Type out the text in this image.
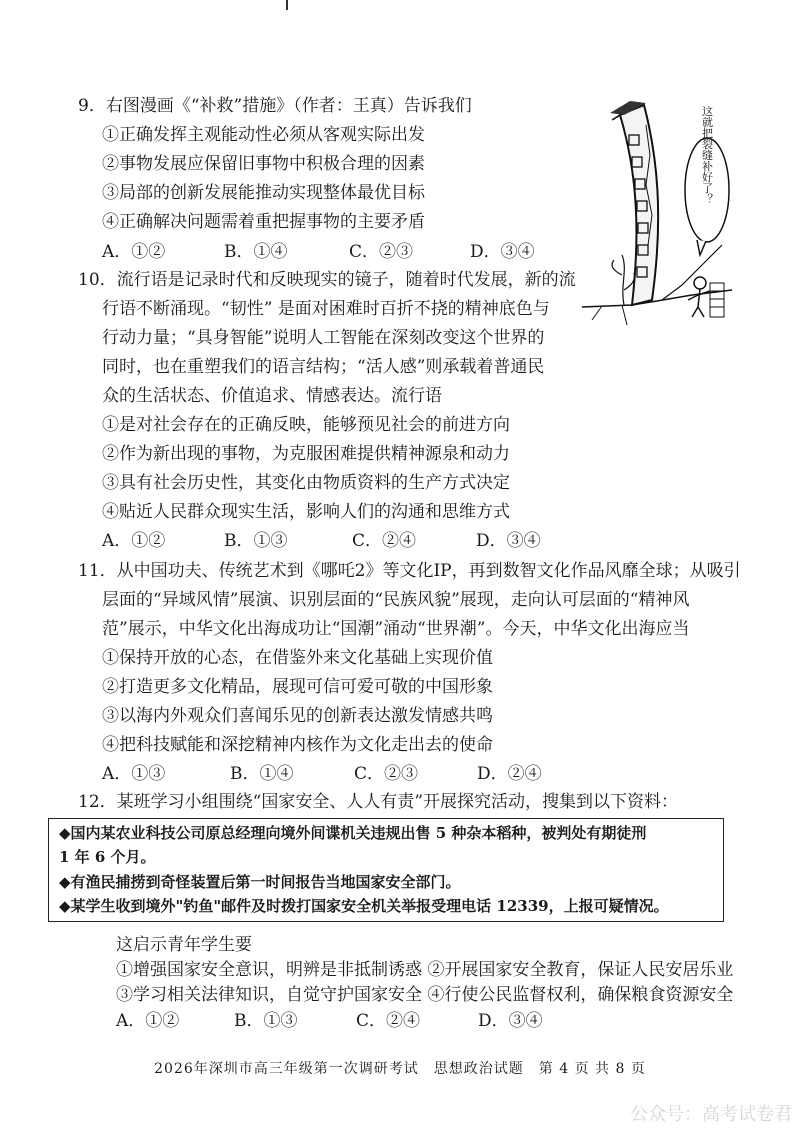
9．右图漫画《“补救”措施》（作者：王真）告诉我们
①正确发挥主观能动性必须从客观实际出发
②事物发展应保留旧事物中积极合理的因素
③局部的创新发展能推动实现整体最优目标
④正确解决问题需着重把握事物的主要矛盾
A．①②	B．①④	C．②③	D．③④
这就把裂缝补好了？
10．流行语是记录时代和反映现实的镜子，随着时代发展，新的流
行语不断涌现。“韧性” 是面对困难时百折不挠的精神底色与
行动力量；“具身智能”说明人工智能在深刻改变这个世界的
同时，也在重塑我们的语言结构；“活人感”则承载着普通民
众的生活状态、价值追求、情感表达。流行语
①是对社会存在的正确反映，能够预见社会的前进方向
②作为新出现的事物，为克服困难提供精神源泉和动力
③具有社会历史性，其变化由物质资料的生产方式决定
④贴近人民群众现实生活，影响人们的沟通和思维方式
A．①②	B．①③	C．②④	D．③④
11．从中国功夫、传统艺术到《哪吒2》等文化IP，再到数智文化作品风靡全球；从吸引
层面的“异域风情”展演、识别层面的“民族风貌”展现，走向认可层面的“精神风
范”展示，中华文化出海成功让“国潮”涌动“世界潮”。今天，中华文化出海应当
①保持开放的心态，在借鉴外来文化基础上实现价值
②打造更多文化精品，展现可信可爱可敬的中国形象
③以海内外观众们喜闻乐见的创新表达激发情感共鸣
④把科技赋能和深挖精神内核作为文化走出去的使命
A．①③	B．①④	C．②③	D．②④
12．某班学习小组围绕“国家安全、人人有责”开展探究活动，搜集到以下资料：
◆国内某农业科技公司原总经理向境外间谍机关违规出售 5 种杂本稻种，被判处有期徒刑
1 年 6 个月。
◆有渔民捕捞到奇怪装置后第一时间报告当地国家安全部门。
◆某学生收到境外"钓鱼"邮件及时拨打国家安全机关举报受理电话 12339，上报可疑情况。
这启示青年学生要
①增强国家安全意识，明辨是非抵制诱惑 ②开展国家安全教育，保证人民安居乐业
③学习相关法律知识，自觉守护国家安全 ④行使公民监督权利，确保粮食资源安全
A．①②	B．①③	C．②④	D．③④
2026年深圳市高三年级第一次调研考试　思想政治试题　第 4 页 共 8 页
公众号：高考试卷君
